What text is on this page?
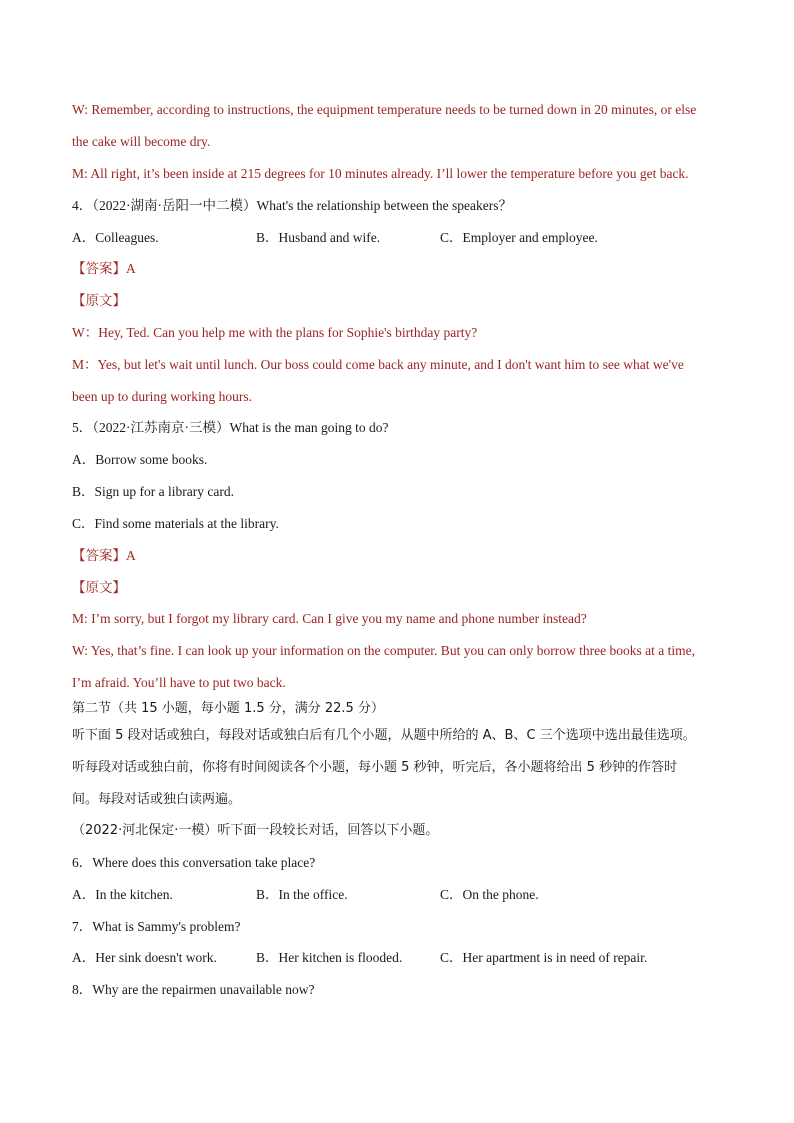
W: Remember, according to instructions, the equipment temperature needs to be turned down in 20 minutes, or else

the cake will become dry.

M: All right, it’s been inside at 215 degrees for 10 minutes already. I’ll lower the temperature before you get back.

4．（2022·湖南·岳阳一中二模）What's the relationship between the speakers？

A．Colleagues.	B．Husband and wife.	C．Employer and employee.

【答案】A

【原文】

W：Hey, Ted. Can you help me with the plans for Sophie's birthday party?

M：Yes, but let's wait until lunch. Our boss could come back any minute, and I don't want him to see what we've

been up to during working hours.

5．（2022·江苏南京·三模）What is the man going to do?

A．Borrow some books.

B．Sign up for a library card.

C．Find some materials at the library.

【答案】A

【原文】

M: I’m sorry, but I forgot my library card. Can I give you my name and phone number instead?

W: Yes, that’s fine. I can look up your information on the computer. But you can only borrow three books at a time,

I’m afraid. You’ll have to put two back.

第二节（共 15 小题，每小题 1.5 分，满分 22.5 分）

听下面 5 段对话或独白，每段对话或独白后有几个小题，从题中所给的 A、B、C 三个选项中选出最佳选项。

听每段对话或独白前，你将有时间阅读各个小题，每小题 5 秒钟，听完后，各小题将给出 5 秒钟的作答时

间。每段对话或独白读两遍。

（2022·河北保定·一模）听下面一段较长对话，回答以下小题。

6．Where does this conversation take place?

A．In the kitchen.	B．In the office.	C．On the phone.

7．What is Sammy's problem?

A．Her sink doesn't work.	B．Her kitchen is flooded.	C．Her apartment is in need of repair.

8．Why are the repairmen unavailable now?
